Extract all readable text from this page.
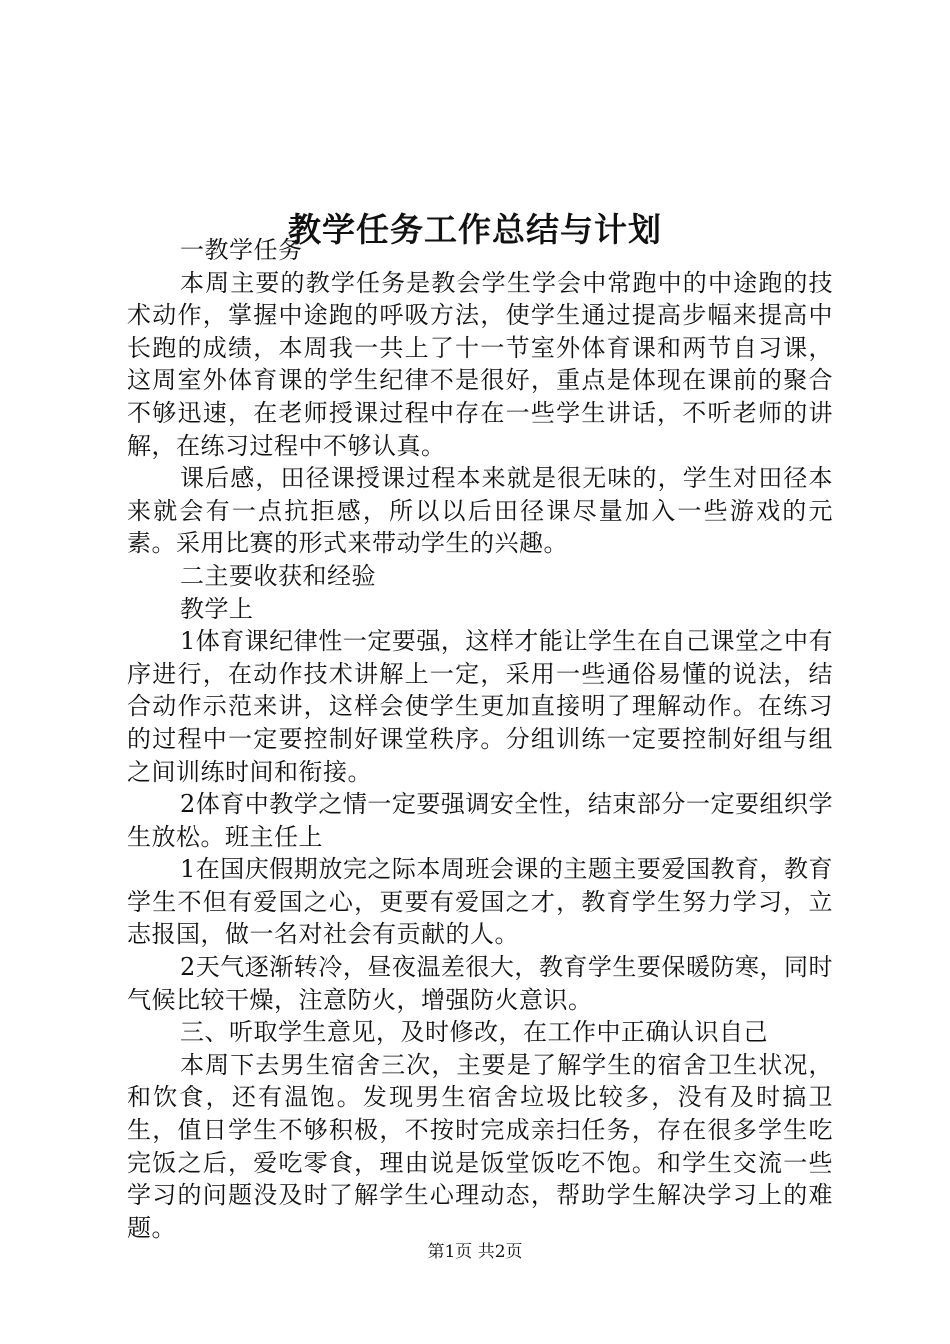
教学任务工作总结与计划

一教学任务

本周主要的教学任务是教会学生学会中常跑中的中途跑的技术动作，掌握中途跑的呼吸方法，使学生通过提高步幅来提高中长跑的成绩，本周我一共上了十一节室外体育课和两节自习课，这周室外体育课的学生纪律不是很好，重点是体现在课前的聚合不够迅速，在老师授课过程中存在一些学生讲话，不听老师的讲解，在练习过程中不够认真。

课后感，田径课授课过程本来就是很无味的，学生对田径本来就会有一点抗拒感，所以以后田径课尽量加入一些游戏的元素。采用比赛的形式来带动学生的兴趣。

二主要收获和经验

教学上

1体育课纪律性一定要强，这样才能让学生在自己课堂之中有序进行，在动作技术讲解上一定，采用一些通俗易懂的说法，结合动作示范来讲，这样会使学生更加直接明了理解动作。在练习的过程中一定要控制好课堂秩序。分组训练一定要控制好组与组之间训练时间和衔接。

2体育中教学之情一定要强调安全性，结束部分一定要组织学生放松。班主任上

1在国庆假期放完之际本周班会课的主题主要爱国教育，教育学生不但有爱国之心，更要有爱国之才，教育学生努力学习，立志报国，做一名对社会有贡献的人。

2天气逐渐转冷，昼夜温差很大，教育学生要保暖防寒，同时气候比较干燥，注意防火，增强防火意识。

三、听取学生意见，及时修改，在工作中正确认识自己

本周下去男生宿舍三次，主要是了解学生的宿舍卫生状况，和饮食，还有温饱。发现男生宿舍垃圾比较多，没有及时搞卫生，值日学生不够积极，不按时完成亲扫任务，存在很多学生吃完饭之后，爱吃零食，理由说是饭堂饭吃不饱。和学生交流一些学习的问题没及时了解学生心理动态，帮助学生解决学习上的难题。

第1页 共2页
